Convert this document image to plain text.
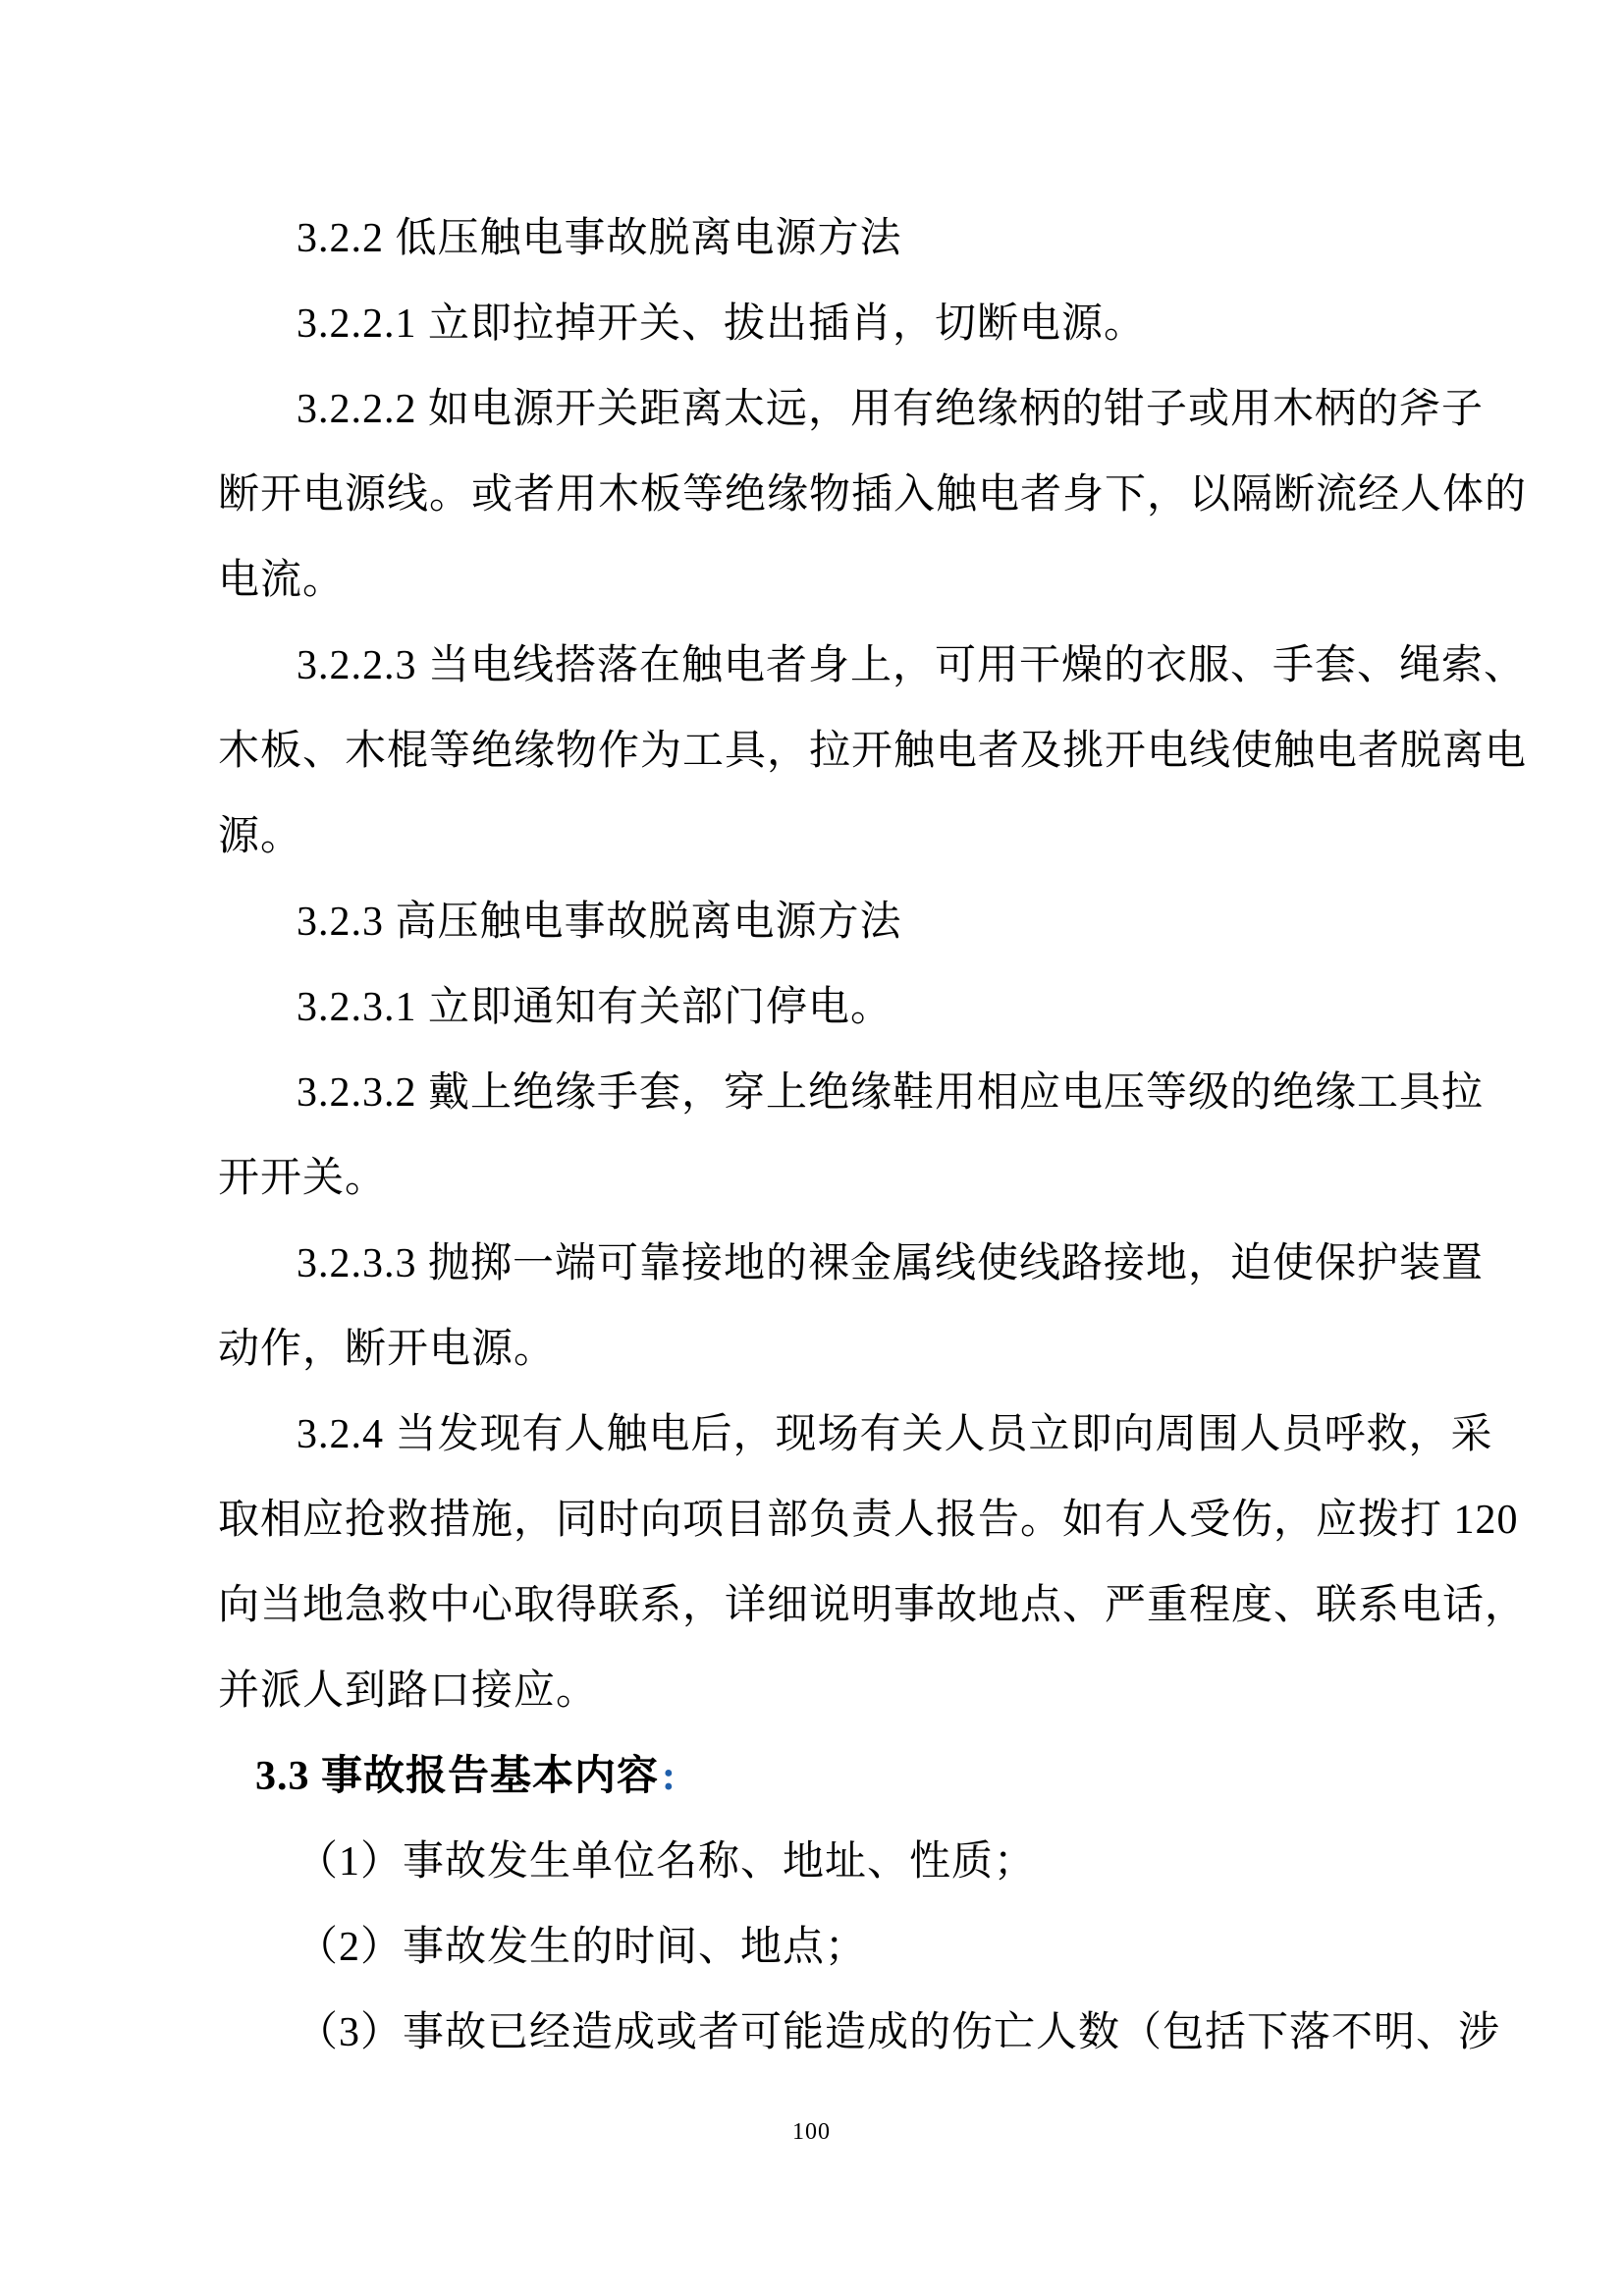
3.2.2 低压触电事故脱离电源方法
3.2.2.1 立即拉掉开关、拔出插肖，切断电源。
3.2.2.2 如电源开关距离太远，用有绝缘柄的钳子或用木柄的斧子
断开电源线。或者用木板等绝缘物插入触电者身下，以隔断流经人体的
电流。
3.2.2.3 当电线搭落在触电者身上，可用干燥的衣服、手套、绳索、
木板、木棍等绝缘物作为工具，拉开触电者及挑开电线使触电者脱离电
源。
3.2.3 高压触电事故脱离电源方法
3.2.3.1 立即通知有关部门停电。
3.2.3.2 戴上绝缘手套，穿上绝缘鞋用相应电压等级的绝缘工具拉
开开关。
3.2.3.3 抛掷一端可靠接地的裸金属线使线路接地，迫使保护装置
动作，断开电源。
3.2.4 当发现有人触电后，现场有关人员立即向周围人员呼救，采
取相应抢救措施，同时向项目部负责人报告。如有人受伤，应拨打 120
向当地急救中心取得联系，详细说明事故地点、严重程度、联系电话，
并派人到路口接应。
3.3 事故报告基本内容:
（1）事故发生单位名称、地址、性质；
（2）事故发生的时间、地点；
（3）事故已经造成或者可能造成的伤亡人数（包括下落不明、涉
100
